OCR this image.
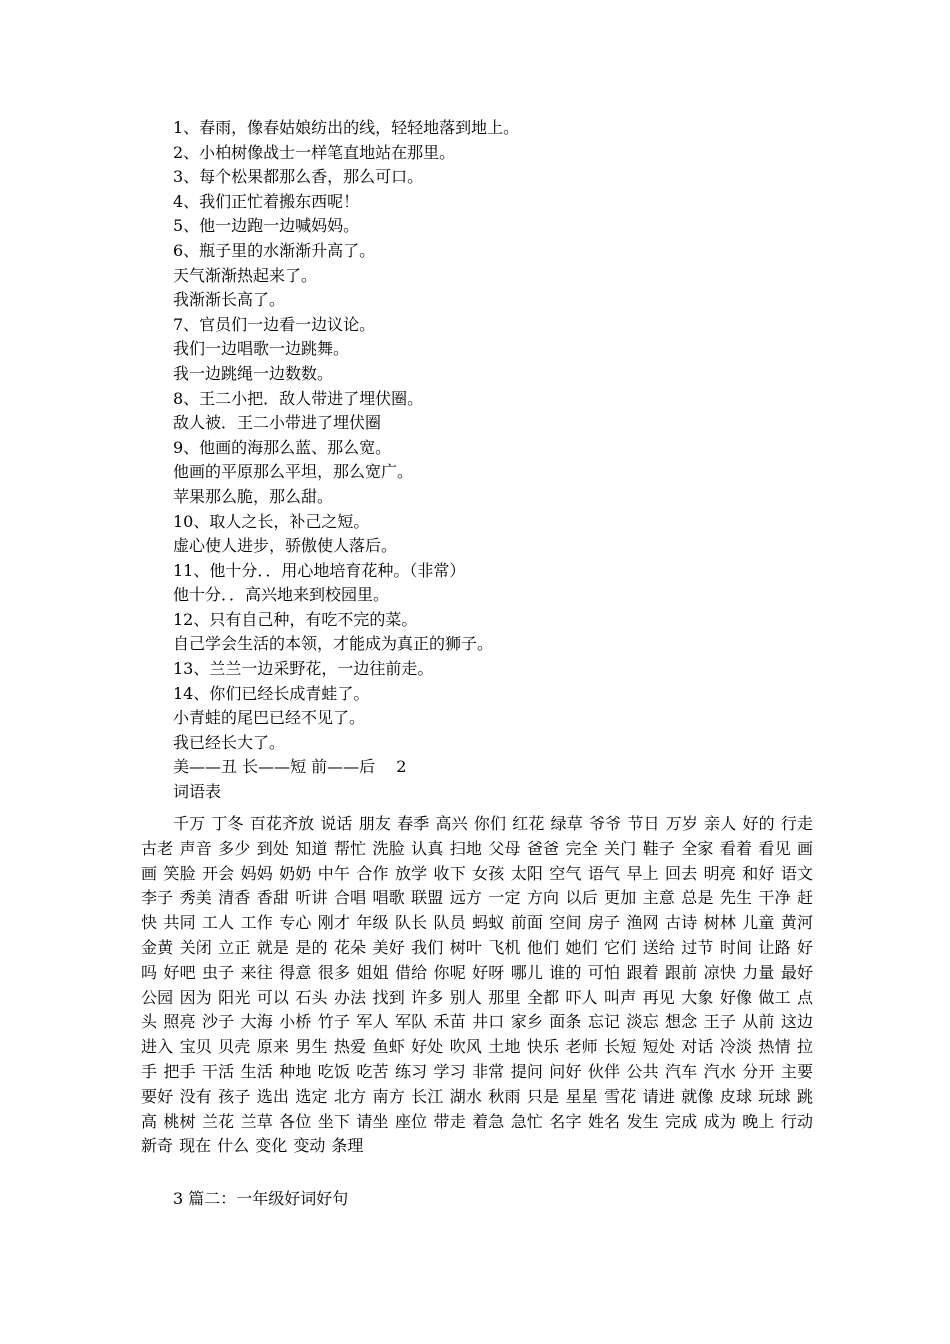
1、春雨，像春姑娘纺出的线，轻轻地落到地上。
2、小柏树像战士一样笔直地站在那里。
3、每个松果都那么香，那么可口。
4、我们正忙着搬东西呢！
5、他一边跑一边喊妈妈。
6、瓶子里的水渐渐升高了。
天气渐渐热起来了。
我渐渐长高了。
7、官员们一边看一边议论。
我们一边唱歌一边跳舞。
我一边跳绳一边数数。
8、王二小把．敌人带进了埋伏圈。
敌人被．王二小带进了埋伏圈
9、他画的海那么蓝、那么宽。
他画的平原那么平坦，那么宽广。
苹果那么脆，那么甜。
10、取人之长，补己之短。
虚心使人进步，骄傲使人落后。
11、他十分．．用心地培育花种。（非常）
他十分．．高兴地来到校园里。
12、只有自己种，有吃不完的菜。
自己学会生活的本领，才能成为真正的狮子。
13、兰兰一边采野花，一边往前走。
14、你们已经长成青蛙了。
小青蛙的尾巴已经不见了。
我已经长大了。
美——丑 长——短 前——后　 2
词语表
千万 丁冬 百花齐放 说话 朋友 春季 高兴 你们 红花 绿草 爷爷 节日 万岁 亲人 好的 行走 古老 声音 多少 到处 知道 帮忙 洗脸 认真 扫地 父母 爸爸 完全 关门 鞋子 全家 看着 看见 画画 笑脸 开会 妈妈 奶奶 中午 合作 放学 收下 女孩 太阳 空气 语气 早上 回去 明亮 和好 语文 李子 秀美 清香 香甜 听讲 合唱 唱歌 联盟 远方 一定 方向 以后 更加 主意 总是 先生 干净 赶快 共同 工人 工作 专心 刚才 年级 队长 队员 蚂蚁 前面 空间 房子 渔网 古诗 树林 儿童 黄河 金黄 关闭 立正 就是 是的 花朵 美好 我们 树叶 飞机 他们 她们 它们 送给 过节 时间 让路 好吗 好吧 虫子 来往 得意 很多 姐姐 借给 你呢 好呀 哪儿 谁的 可怕 跟着 跟前 凉快 力量 最好 公园 因为 阳光 可以 石头 办法 找到 许多 别人 那里 全都 吓人 叫声 再见 大象 好像 做工 点头 照亮 沙子 大海 小桥 竹子 军人 军队 禾苗 井口 家乡 面条 忘记 淡忘 想念 王子 从前 这边 进入 宝贝 贝壳 原来 男生 热爱 鱼虾 好处 吹风 土地 快乐 老师 长短 短处 对话 冷淡 热情 拉手 把手 干活 生活 种地 吃饭 吃苦 练习 学习 非常 提问 问好 伙伴 公共 汽车 汽水 分开 主要 要好 没有 孩子 选出 选定 北方 南方 长江 湖水 秋雨 只是 星星 雪花 请进 就像 皮球 玩球 跳高 桃树 兰花 兰草 各位 坐下 请坐 座位 带走 着急 急忙 名字 姓名 发生 完成 成为 晚上 行动 新奇 现在 什么 变化 变动 条理
3 篇二：一年级好词好句
